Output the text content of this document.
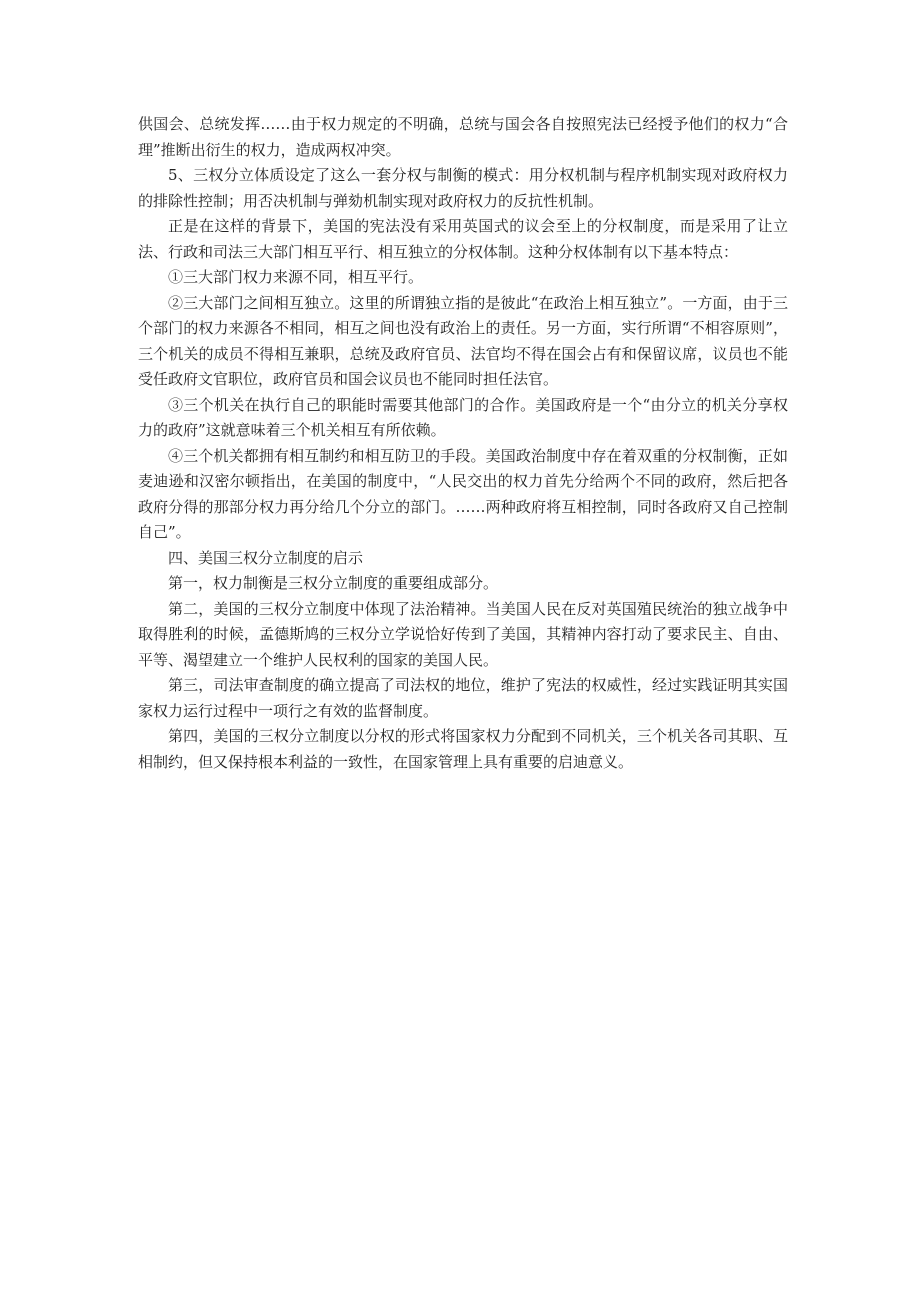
供国会、总统发挥……由于权力规定的不明确，总统与国会各自按照宪法已经授予他们的权力“合理”推断出衍生的权力，造成两权冲突。

5、三权分立体质设定了这么一套分权与制衡的模式：用分权机制与程序机制实现对政府权力的排除性控制；用否决机制与弹劾机制实现对政府权力的反抗性机制。

正是在这样的背景下，美国的宪法没有采用英国式的议会至上的分权制度，而是采用了让立法、行政和司法三大部门相互平行、相互独立的分权体制。这种分权体制有以下基本特点：

①三大部门权力来源不同，相互平行。

②三大部门之间相互独立。这里的所谓独立指的是彼此“在政治上相互独立”。一方面，由于三个部门的权力来源各不相同，相互之间也没有政治上的责任。另一方面，实行所谓“不相容原则”，三个机关的成员不得相互兼职，总统及政府官员、法官均不得在国会占有和保留议席，议员也不能受任政府文官职位，政府官员和国会议员也不能同时担任法官。

③三个机关在执行自己的职能时需要其他部门的合作。美国政府是一个“由分立的机关分享权力的政府”这就意味着三个机关相互有所依赖。

④三个机关都拥有相互制约和相互防卫的手段。美国政治制度中存在着双重的分权制衡，正如麦迪逊和汉密尔顿指出，在美国的制度中，“人民交出的权力首先分给两个不同的政府，然后把各政府分得的那部分权力再分给几个分立的部门。……两种政府将互相控制，同时各政府又自己控制自己”。

四、美国三权分立制度的启示

第一，权力制衡是三权分立制度的重要组成部分。

第二，美国的三权分立制度中体现了法治精神。当美国人民在反对英国殖民统治的独立战争中取得胜利的时候，孟德斯鸠的三权分立学说恰好传到了美国，其精神内容打动了要求民主、自由、平等、渴望建立一个维护人民权利的国家的美国人民。

第三，司法审查制度的确立提高了司法权的地位，维护了宪法的权威性，经过实践证明其实国家权力运行过程中一项行之有效的监督制度。

第四，美国的三权分立制度以分权的形式将国家权力分配到不同机关，三个机关各司其职、互相制约，但又保持根本利益的一致性，在国家管理上具有重要的启迪意义。
